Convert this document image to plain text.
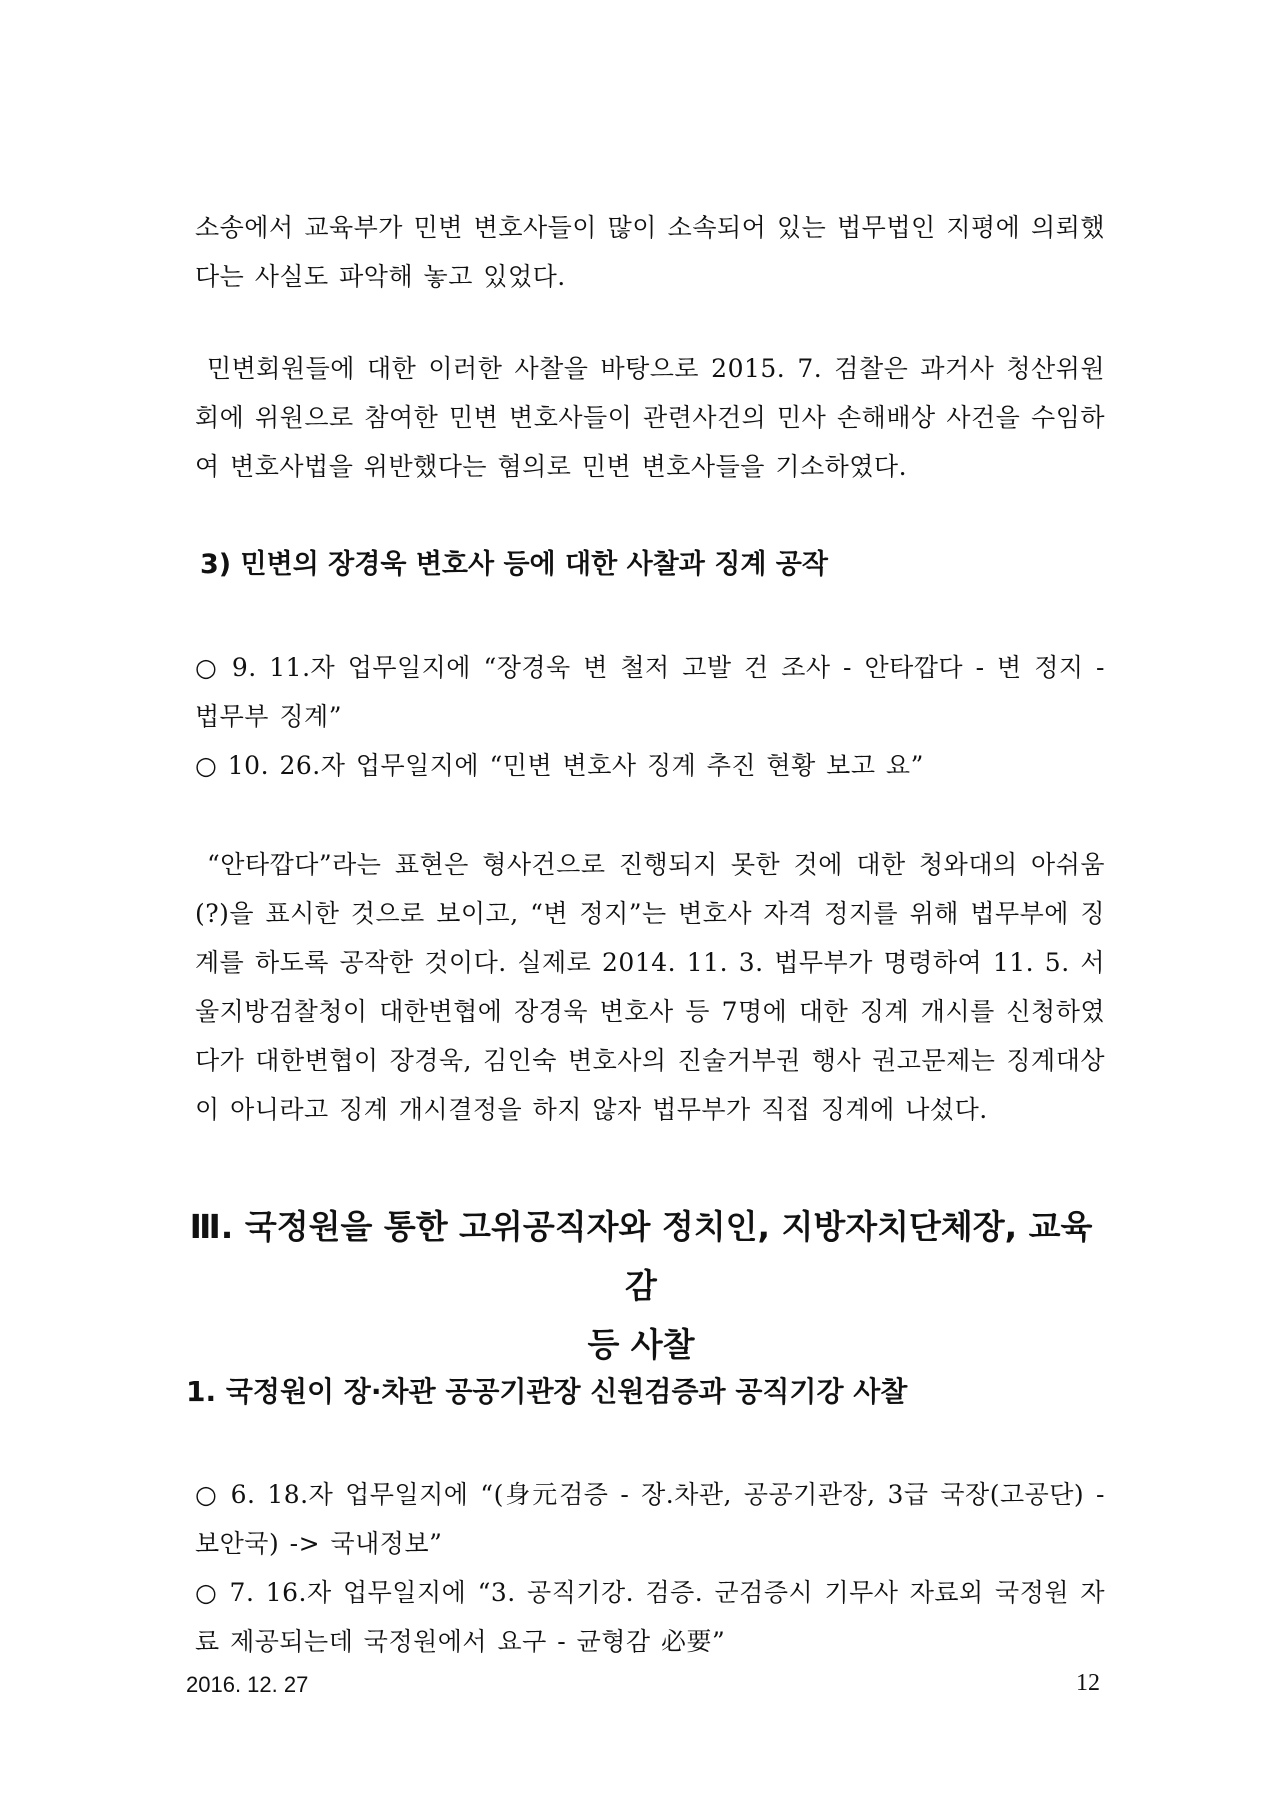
소송에서 교육부가 민변 변호사들이 많이 소속되어 있는 법무법인 지평에 의뢰했다는 사실도 파악해 놓고 있었다.

민변회원들에 대한 이러한 사찰을 바탕으로 2015. 7. 검찰은 과거사 청산위원회에 위원으로 참여한 민변 변호사들이 관련사건의 민사 손해배상 사건을 수임하여 변호사법을 위반했다는 혐의로 민변 변호사들을 기소하였다.

3) 민변의 장경욱 변호사 등에 대한 사찰과 징계 공작

○ 9. 11.자 업무일지에 “장경욱 변 철저 고발 건 조사 - 안타깝다 - 변 정지 - 법무부 징계”

○ 10. 26.자 업무일지에 “민변 변호사 징계 추진 현황 보고 요”

“안타깝다”라는 표현은 형사건으로 진행되지 못한 것에 대한 청와대의 아쉬움(?)을 표시한 것으로 보이고, “변 정지”는 변호사 자격 정지를 위해 법무부에 징계를 하도록 공작한 것이다. 실제로 2014. 11. 3. 법무부가 명령하여 11. 5. 서울지방검찰청이 대한변협에 장경욱 변호사 등 7명에 대한 징계 개시를 신청하였다가 대한변협이 장경욱, 김인숙 변호사의 진술거부권 행사 권고문제는 징계대상이 아니라고 징계 개시결정을 하지 않자 법무부가 직접 징계에 나섰다.

Ⅲ. 국정원을 통한 고위공직자와 정치인, 지방자치단체장, 교육감
등 사찰
1. 국정원이 장·차관 공공기관장 신원검증과 공직기강 사찰

○ 6. 18.자 업무일지에 “(身元검증 - 장.차관, 공공기관장, 3급 국장(고공단) - 보안국) -> 국내정보”

○ 7. 16.자 업무일지에 “3. 공직기강. 검증. 군검증시 기무사 자료외 국정원 자료 제공되는데 국정원에서 요구 - 균형감 必要”

2016. 12. 27	12
